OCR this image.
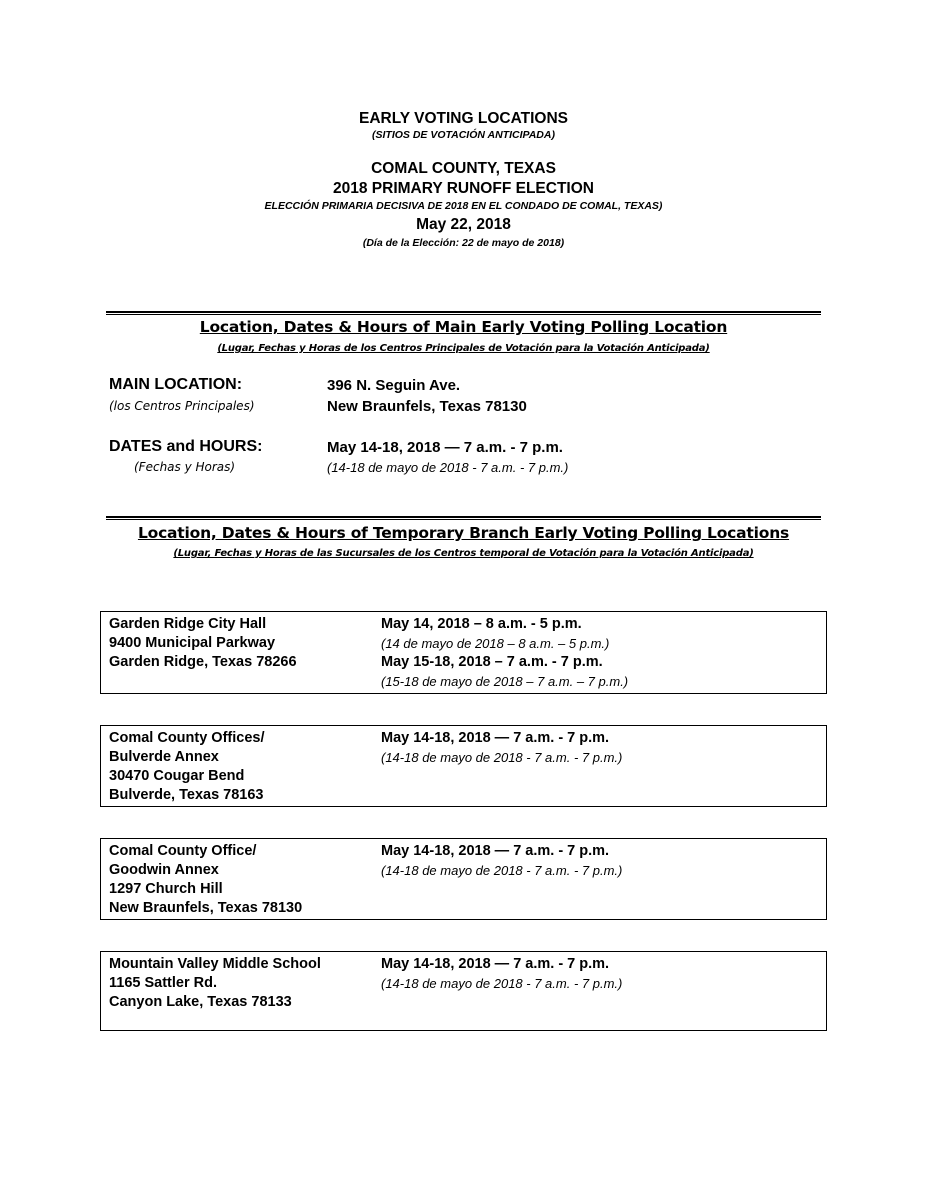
EARLY VOTING LOCATIONS
(SITIOS DE VOTACIÓN ANTICIPADA)
COMAL COUNTY, TEXAS
2018 PRIMARY RUNOFF ELECTION
ELECCIÓN PRIMARIA DECISIVA DE 2018 EN EL CONDADO DE COMAL, TEXAS)
May 22, 2018
(Día de la Elección: 22 de mayo de 2018)
Location, Dates & Hours of Main Early Voting Polling Location
(Lugar, Fechas y Horas de los Centros Principales de Votación para la Votación Anticipada)
MAIN LOCATION:
(los Centros Principales)
396 N. Seguin Ave.
New Braunfels, Texas 78130
DATES and HOURS:
(Fechas y Horas)
May 14-18, 2018 — 7 a.m. - 7 p.m.
(14-18 de mayo de 2018 - 7 a.m. - 7 p.m.)
Location, Dates & Hours of Temporary Branch Early Voting Polling Locations
(Lugar, Fechas y Horas de las Sucursales de los Centros temporal de Votación para la Votación Anticipada)
Garden Ridge City Hall
9400 Municipal Parkway
Garden Ridge, Texas 78266
May 14, 2018 – 8 a.m. - 5 p.m.
(14 de mayo de 2018 – 8 a.m. – 5 p.m.)
May 15-18, 2018 – 7 a.m. - 7 p.m.
(15-18 de mayo de 2018 – 7 a.m. – 7 p.m.)
Comal County Offices/
Bulverde Annex
30470 Cougar Bend
Bulverde, Texas 78163
May 14-18, 2018 — 7 a.m. - 7 p.m.
(14-18 de mayo de 2018 - 7 a.m. - 7 p.m.)
Comal County Office/
Goodwin Annex
1297 Church Hill
New Braunfels, Texas 78130
May 14-18, 2018 — 7 a.m. - 7 p.m.
(14-18 de mayo de 2018 - 7 a.m. - 7 p.m.)
Mountain Valley Middle School
1165 Sattler Rd.
Canyon Lake, Texas 78133
May 14-18, 2018 — 7 a.m. - 7 p.m.
(14-18 de mayo de 2018 - 7 a.m. - 7 p.m.)
